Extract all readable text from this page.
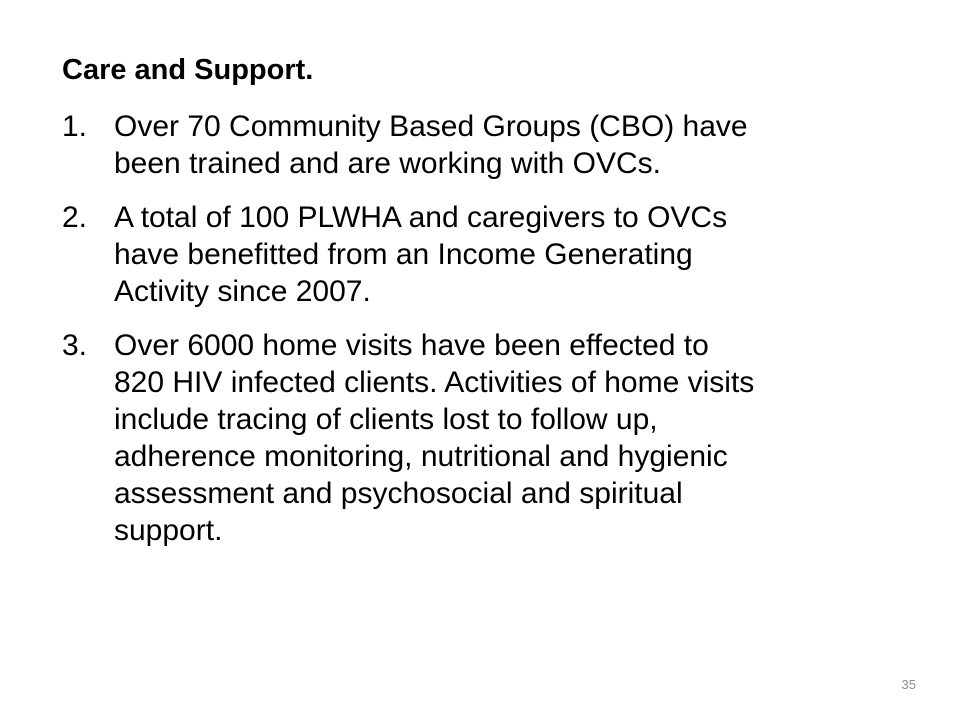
Care and Support.
1. Over 70 Community Based Groups (CBO) have
been trained and are working with OVCs.
2. A total of 100 PLWHA and caregivers to OVCs
have benefitted from an Income Generating
Activity since 2007.
3. Over 6000 home visits have been effected to
820 HIV infected clients. Activities of home visits
include tracing of clients lost to follow up,
adherence monitoring, nutritional and hygienic
assessment and psychosocial and spiritual
support.
35
